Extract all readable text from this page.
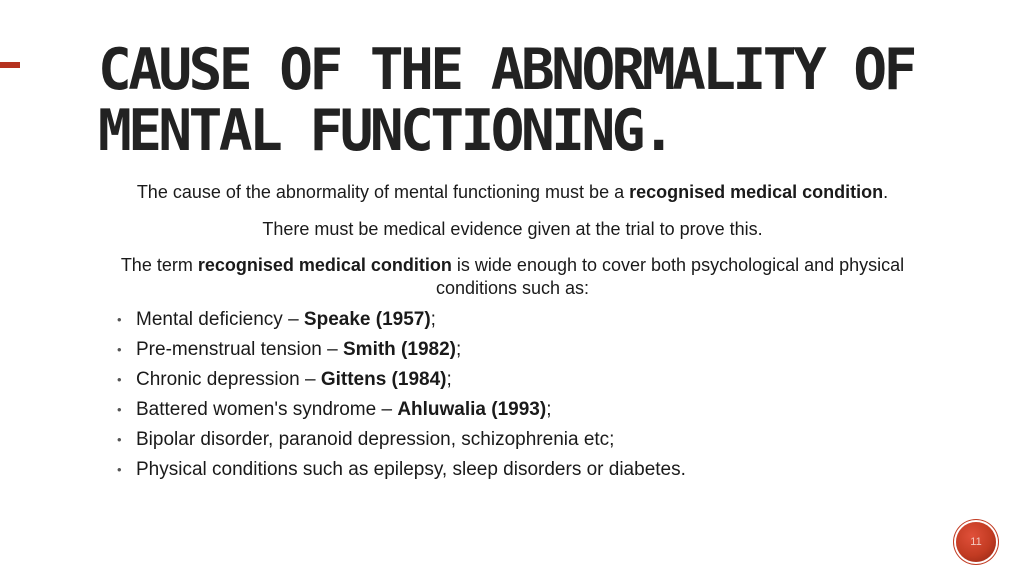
CAUSE OF THE ABNORMALITY OF MENTAL FUNCTIONING.

The cause of the abnormality of mental functioning must be a recognised medical condition.

There must be medical evidence given at the trial to prove this.

The term recognised medical condition is wide enough to cover both psychological and physical conditions such as:

• Mental deficiency – Speake (1957);
• Pre-menstrual tension – Smith (1982);
• Chronic depression – Gittens (1984);
• Battered women's syndrome – Ahluwalia (1993);
• Bipolar disorder, paranoid depression, schizophrenia etc;
• Physical conditions such as epilepsy, sleep disorders or diabetes.
11
